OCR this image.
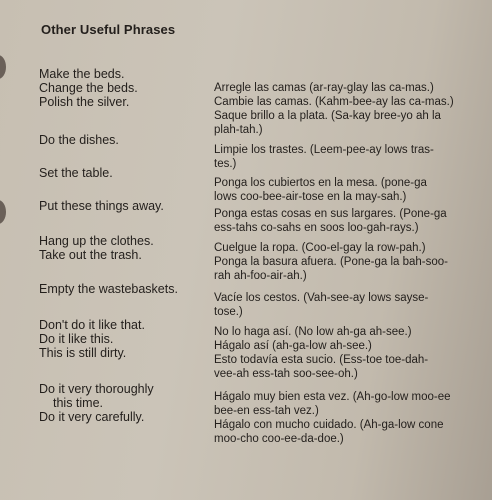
Other Useful Phrases
Make the beds.
Change the beds.
Polish the silver.
Arregle las camas (ar-ray-glay las ca-mas.)
Cambie las camas. (Kahm-bee-ay las ca-mas.)
Saque brillo a la plata. (Sa-kay bree-yo ah la
plah-tah.)
Do the dishes.
Limpie los trastes. (Leem-pee-ay lows tras-
tes.)
Set the table.
Ponga los cubiertos en la mesa. (pone-ga
lows coo-bee-air-tose en la may-sah.)
Put these things away.
Ponga estas cosas en sus largares. (Pone-ga
ess-tahs co-sahs en soos loo-gah-rays.)
Hang up the clothes.
Take out the trash.	Cuelgue la ropa. (Coo-el-gay la row-pah.)
Ponga la basura afuera. (Ponе-ga la bah-soo-
rah ah-foo-air-ah.)
Empty the wastebaskets.
Vacíe los cestos. (Vah-see-ay lows sayse-
tose.)
Don't do it like that.
Do it like this.
This is still dirty.
No lo haga así. (No low ah-ga ah-see.)
Hágalo así (ah-ga-low ah-see.)
Esto todavía esta sucio. (Ess-toe toe-dah-
vee-ah ess-tah soo-see-oh.)
Do it very thoroughly
this time.
Do it very carefully.
Hágalo muy bien esta vez. (Ah-go-low moo-ee
bee-en ess-tah vez.)
Hágalo con mucho cuidado. (Ah-ga-low cone
moo-cho coo-ee-da-doe.)
